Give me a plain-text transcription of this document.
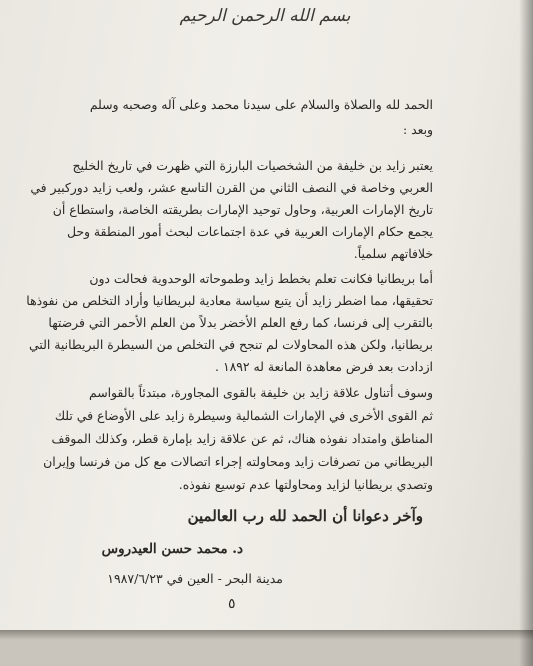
بسم الله الرحمن الرحيم
الحمد لله والصلاة والسلام على سيدنا محمد وعلى آله وصحبه وسلم
وبعد :
يعتبر زايد بن خليفة من الشخصيات البارزة التي ظهرت في تاريخ الخليج
العربي وخاصة في النصف الثاني من القرن التاسع عشر، ولعب زايد دوركبير في
تاريخ الإمارات العربية، وحاول توحيد الإمارات بطريقته الخاصة، واستطاع أن
يجمع حكام الإمارات العربية في عدة اجتماعات لبحث أمور المنطقة وحل
خلافاتهم سلمياً.
أما بريطانيا فكانت تعلم بخطط زايد وطموحاته الوحدوية فحالت دون
تحقيقها، مما اضطر زايد أن يتبع سياسة معادية لبريطانيا وأراد التخلص من نفوذها
بالتقرب إلى فرنسا، كما رفع العلم الأخضر بدلاً من العلم الأحمر التي فرضتها
بريطانيا، ولكن هذه المحاولات لم تنجح في التخلص من السيطرة البريطانية التي
ازدادت بعد فرض معاهدة المانعة له ١٨٩٢ .
وسوف أتناول علاقة زايد بن خليفة بالقوى المجاورة، مبتدئاً بالقواسم
ثم القوى الأخرى في الإمارات الشمالية وسيطرة زايد على الأوضاع في تلك
المناطق وامتداد نفوذه هناك، ثم عن علاقة زايد بإمارة قطر، وكذلك الموقف
البريطاني من تصرفات زايد ومحاولته إجراء اتصالات مع كل من فرنسا وإيران
وتصدي بريطانيا لزايد ومحاولتها عدم توسيع نفوذه.
وآخر دعوانا أن الحمد لله رب العالمين
د. محمد حسن العيدروس
مدينة البحر - العين في ١٩٨٧/٦/٢٣
٥
